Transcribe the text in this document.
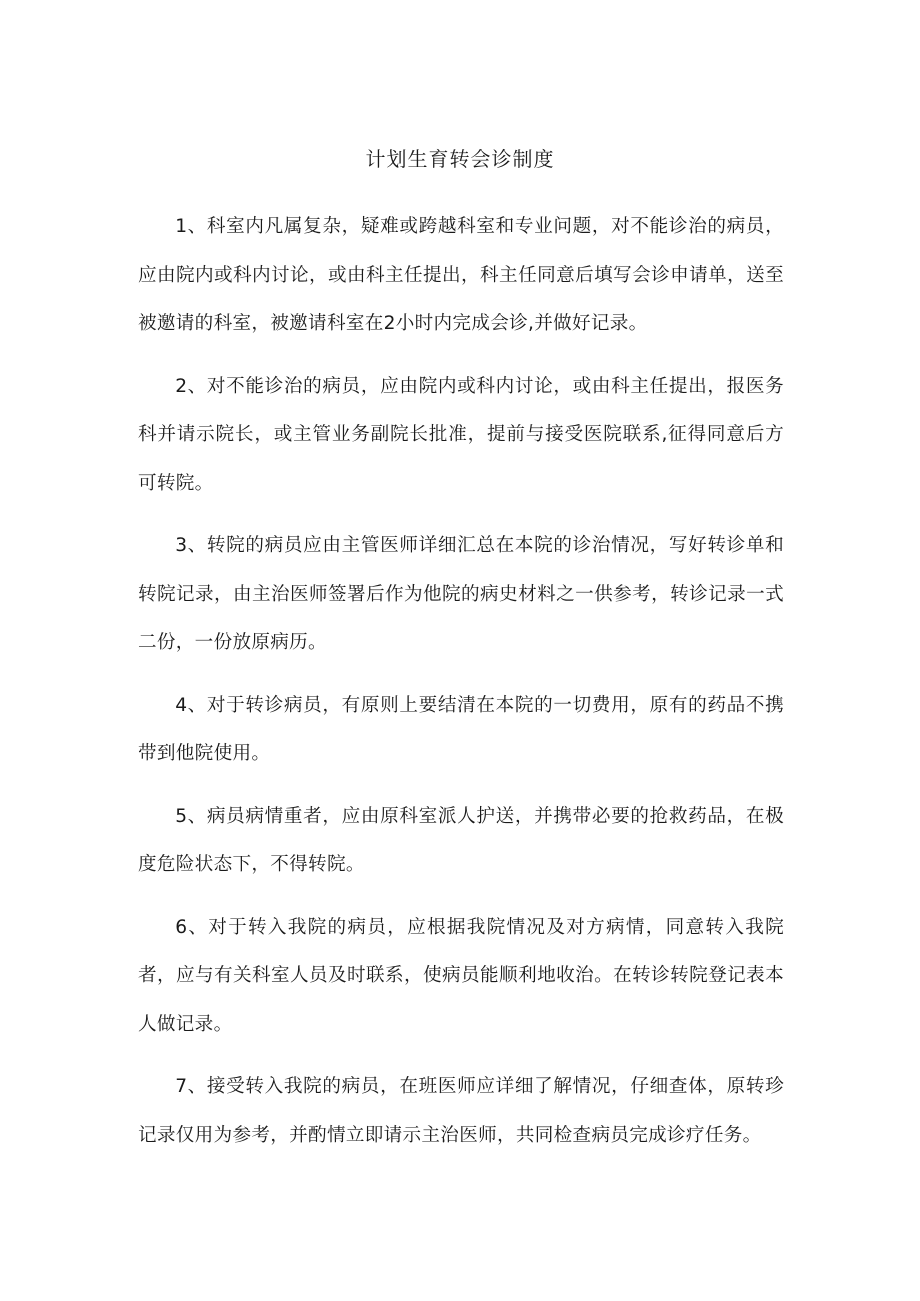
计划生育转会诊制度

1、科室内凡属复杂，疑难或跨越科室和专业问题，对不能诊治的病员，应由院内或科内讨论，或由科主任提出，科主任同意后填写会诊申请单，送至被邀请的科室，被邀请科室在2小时内完成会诊,并做好记录。

2、对不能诊治的病员，应由院内或科内讨论，或由科主任提出，报医务科并请示院长，或主管业务副院长批准，提前与接受医院联系,征得同意后方可转院。

3、转院的病员应由主管医师详细汇总在本院的诊治情况，写好转诊单和转院记录，由主治医师签署后作为他院的病史材料之一供参考，转诊记录一式二份，一份放原病历。

4、对于转诊病员，有原则上要结清在本院的一切费用，原有的药品不携带到他院使用。

5、病员病情重者，应由原科室派人护送，并携带必要的抢救药品，在极度危险状态下，不得转院。

6、对于转入我院的病员，应根据我院情况及对方病情，同意转入我院者，应与有关科室人员及时联系，使病员能顺利地收治。在转诊转院登记表本人做记录。

7、接受转入我院的病员，在班医师应详细了解情况，仔细查体，原转珍记录仅用为参考，并酌情立即请示主治医师，共同检查病员完成诊疗任务。
